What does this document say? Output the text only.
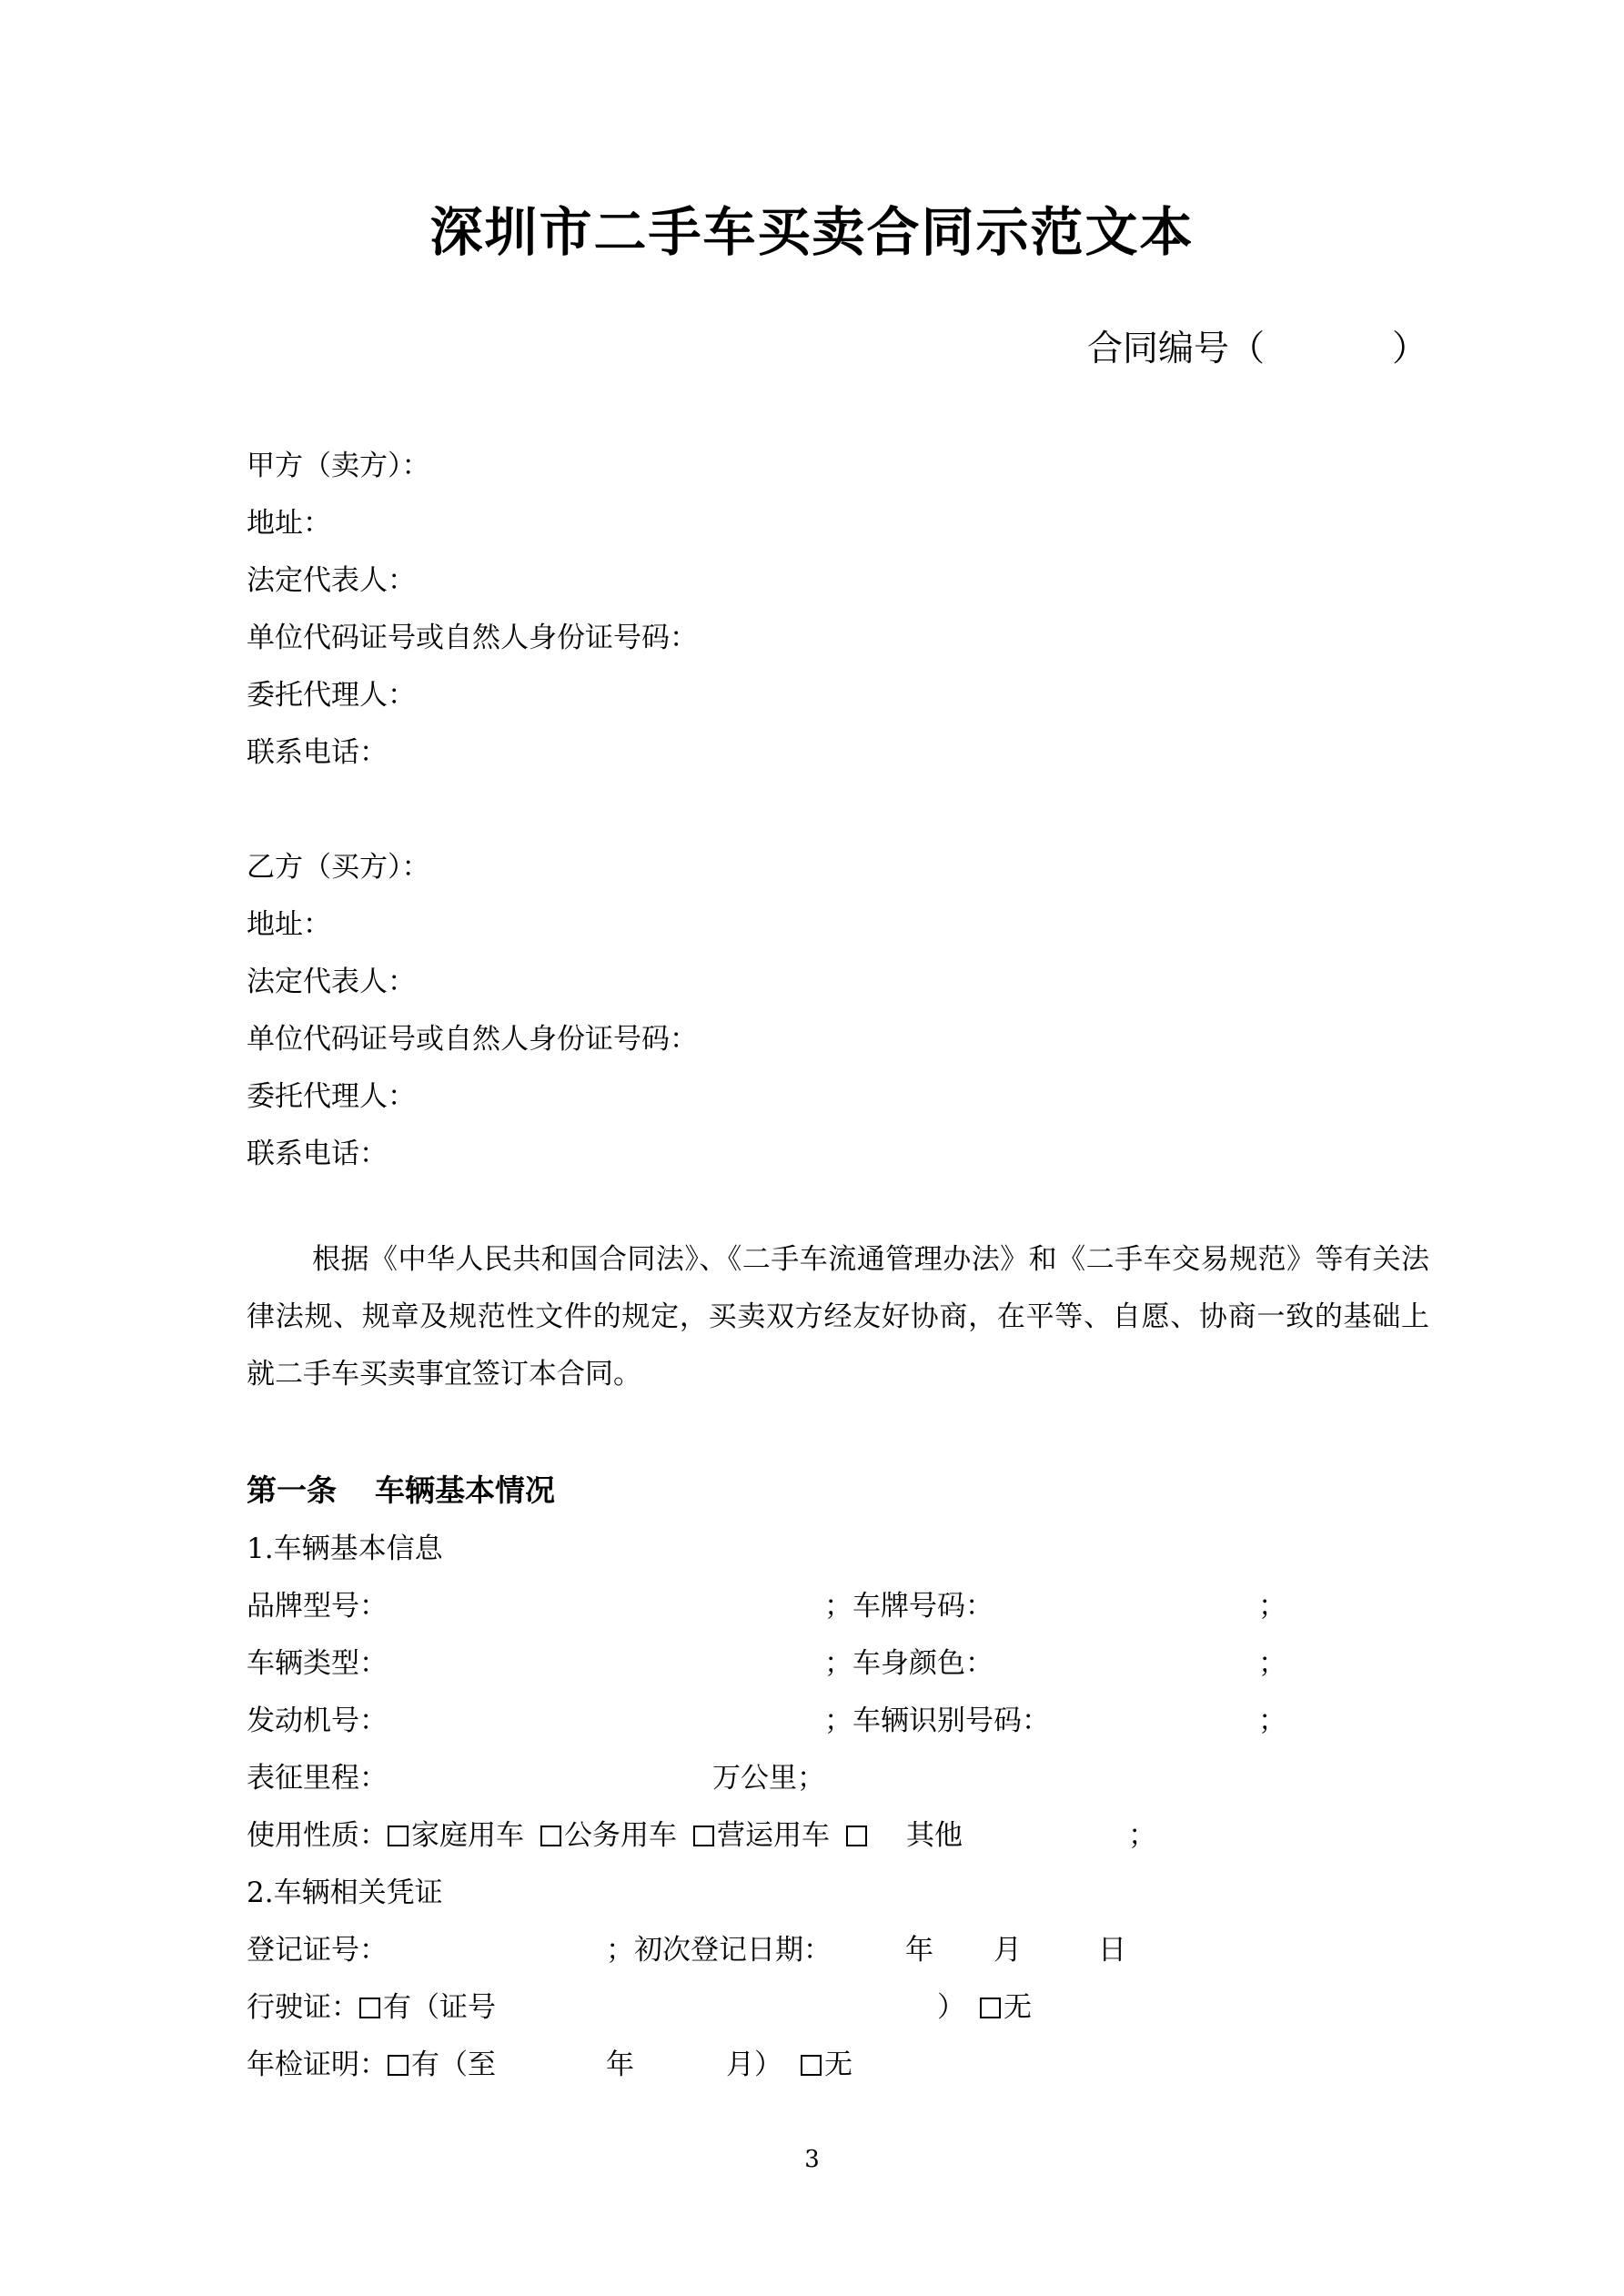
深圳市二手车买卖合同示范文本
合同编号（	）
甲方（卖方）：
地址：
法定代表人：
单位代码证号或自然人身份证号码：
委托代理人：
联系电话：
乙方（买方）：
地址：
法定代表人：
单位代码证号或自然人身份证号码：
委托代理人：
联系电话：
根据《中华人民共和国合同法》、《二手车流通管理办法》和《二手车交易规范》等有关法律法规、规章及规范性文件的规定，买卖双方经友好协商，在平等、自愿、协商一致的基础上就二手车买卖事宜签订本合同。
第一条 车辆基本情况
1.车辆基本信息
品牌型号：	；车牌号码：	；
车辆类型：	；车身颜色：	；
发动机号：	；车辆识别号码：	；
表征里程：	万公里；
使用性质： 家庭用车 公务用车 营运用车	其他	；
2.车辆相关凭证
登记证号：	；初次登记日期：	年 月	日
行驶证： 有（证号	）	无
年检证明： 有（至	年	月）	无
3
